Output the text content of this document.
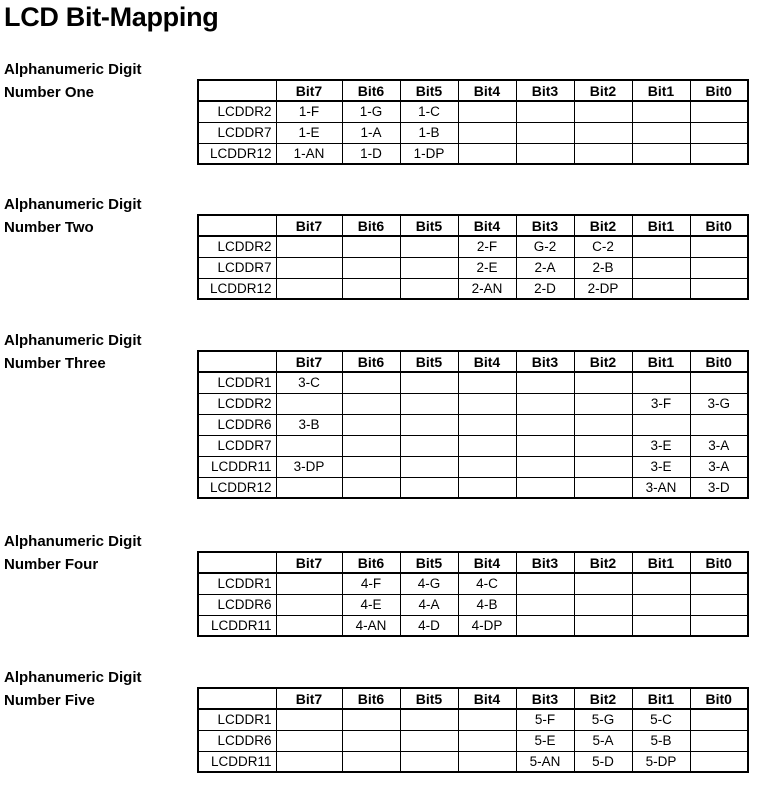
LCD Bit-Mapping
Alphanumeric Digit
Number One
		Bit7	Bit6	Bit5	Bit4	Bit3	Bit2	Bit1	Bit0
LCDDR2	1-F	1-G	1-C					
LCDDR7	1-E	1-A	1-B					
LCDDR12	1-AN	1-D	1-DP					
Alphanumeric Digit
Number Two
		Bit7	Bit6	Bit5	Bit4	Bit3	Bit2	Bit1	Bit0
LCDDR2				2-F	G-2	C-2		
LCDDR7				2-E	2-A	2-B		
LCDDR12				2-AN	2-D	2-DP		
Alphanumeric Digit
Number Three
		Bit7	Bit6	Bit5	Bit4	Bit3	Bit2	Bit1	Bit0
LCDDR1	3-C							
LCDDR2							3-F	3-G
LCDDR6	3-B							
LCDDR7							3-E	3-A
LCDDR11	3-DP						3-E	3-A
LCDDR12							3-AN	3-D
Alphanumeric Digit
Number Four
		Bit7	Bit6	Bit5	Bit4	Bit3	Bit2	Bit1	Bit0
LCDDR1		4-F	4-G	4-C				
LCDDR6		4-E	4-A	4-B				
LCDDR11		4-AN	4-D	4-DP				
Alphanumeric Digit
Number Five
		Bit7	Bit6	Bit5	Bit4	Bit3	Bit2	Bit1	Bit0
LCDDR1					5-F	5-G	5-C	
LCDDR6					5-E	5-A	5-B	
LCDDR11					5-AN	5-D	5-DP	
